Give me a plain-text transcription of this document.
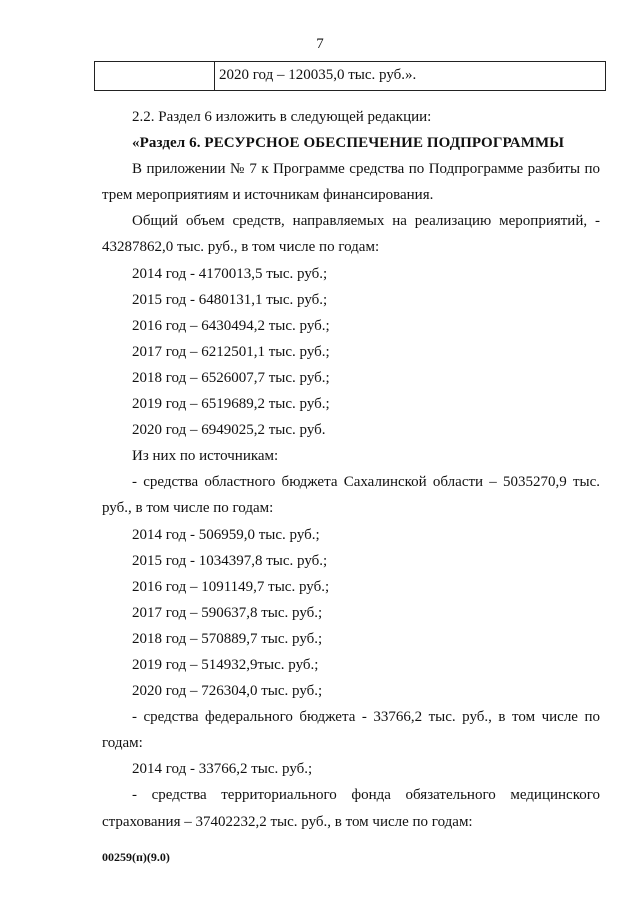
7
2020 год – 120035,0 тыс. руб.».

2.2. Раздел 6 изложить в следующей редакции:

«Раздел 6. РЕСУРСНОЕ ОБЕСПЕЧЕНИЕ ПОДПРОГРАММЫ

В приложении № 7 к Программе средства по Подпрограмме разбиты по трем мероприятиям и источникам финансирования.

Общий объем средств, направляемых на реализацию мероприятий, - 43287862,0 тыс. руб., в том числе по годам:

2014 год - 4170013,5 тыс. руб.;

2015 год - 6480131,1 тыс. руб.;

2016 год – 6430494,2 тыс. руб.;

2017 год – 6212501,1 тыс. руб.;

2018 год – 6526007,7 тыс. руб.;

2019 год – 6519689,2 тыс. руб.;

2020 год – 6949025,2 тыс. руб.

Из них по источникам:

- средства областного бюджета Сахалинской области – 5035270,9 тыс. руб., в том числе по годам:

2014 год - 506959,0 тыс. руб.;

2015 год - 1034397,8 тыс. руб.;

2016 год – 1091149,7 тыс. руб.;

2017 год – 590637,8 тыс. руб.;

2018 год – 570889,7 тыс. руб.;

2019 год – 514932,9тыс. руб.;

2020 год – 726304,0 тыс. руб.;

- средства федерального бюджета - 33766,2 тыс. руб., в том числе по годам:

2014 год - 33766,2 тыс. руб.;

- средства территориального фонда обязательного медицинского страхования – 37402232,2 тыс. руб., в том числе по годам:

00259(п)(9.0)
